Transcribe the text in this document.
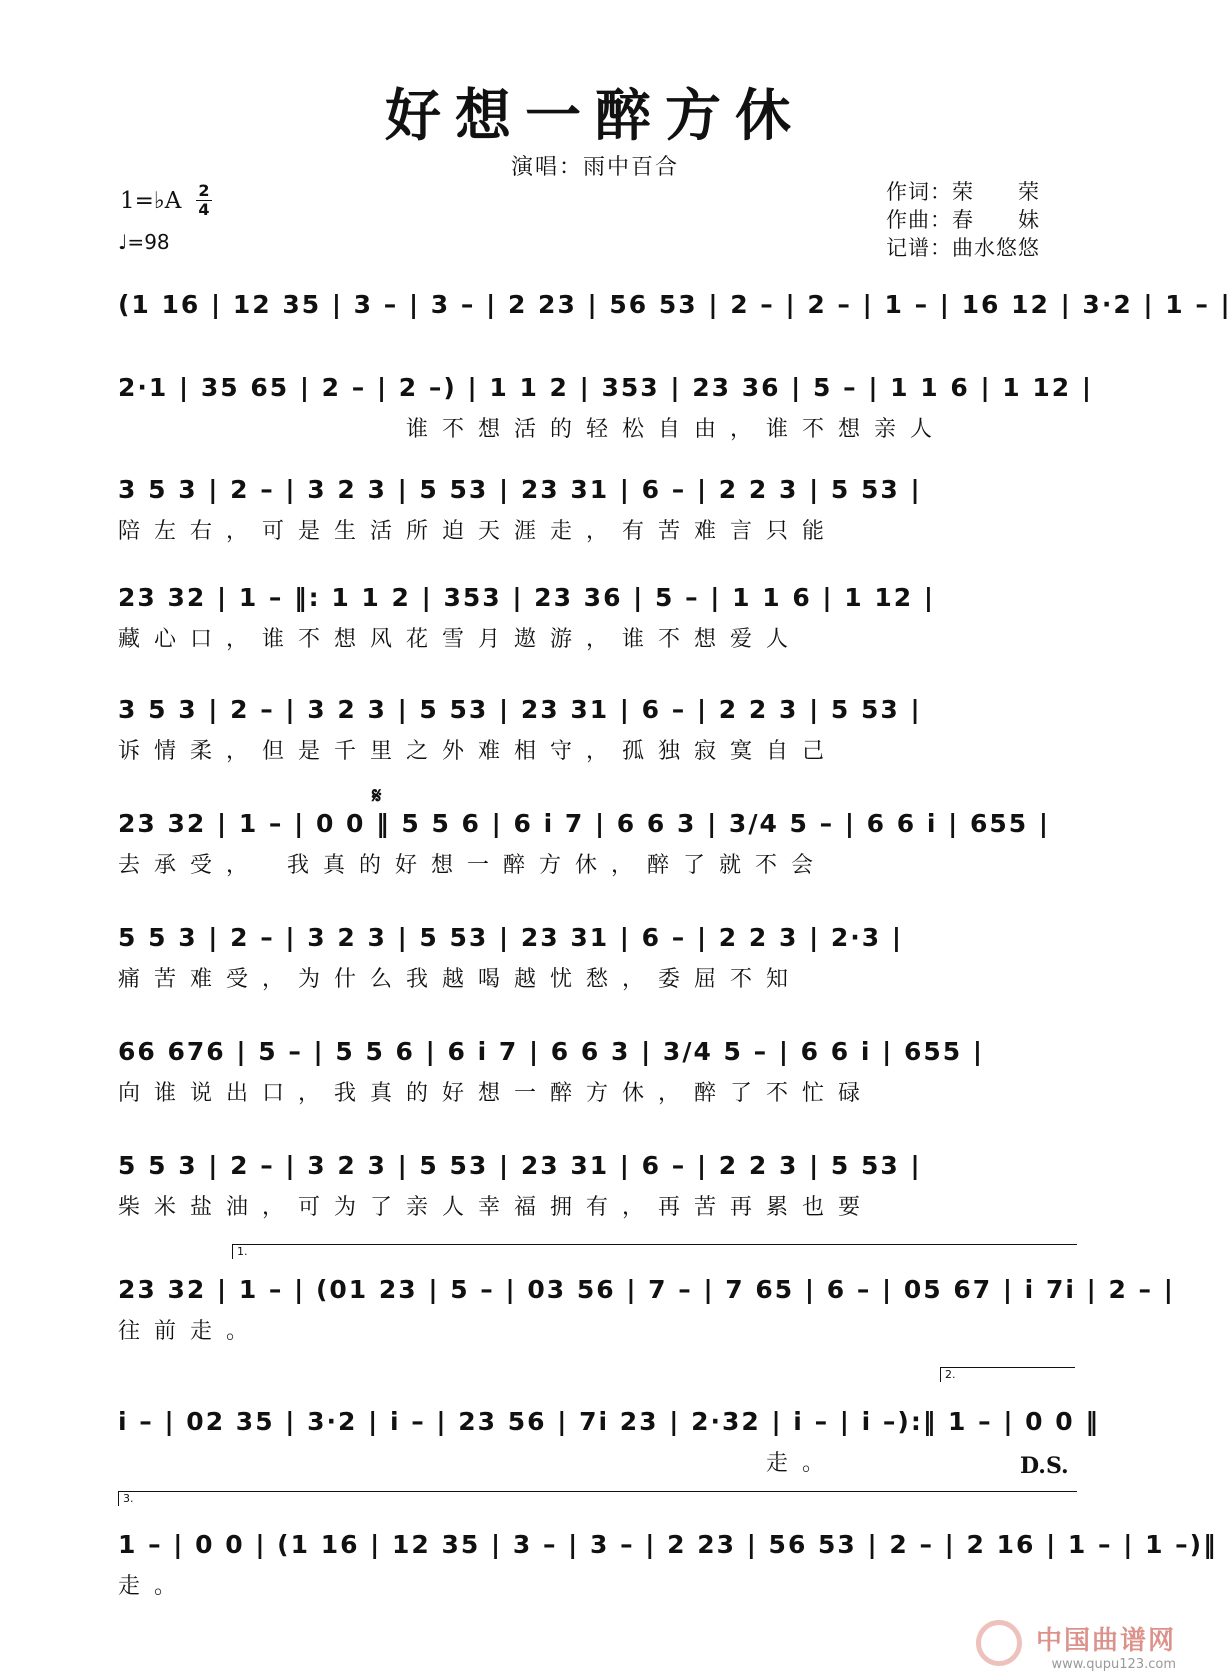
好想一醉方休
演唱：雨中百合
1=♭A 2
4
♩=98
作词：荣　　荣
作曲：春　　妹
记谱：曲水悠悠
(1 16 | 12 35 | 3 – | 3 – | 2 23 | 56 53 | 2 – | 2 – | 1 – | 16 12 | 3·2 | 1 – |
2·1 | 35 65 | 2 – | 2 –) | 1 1 2 | 353 | 23 36 | 5 – | 1 1 6 | 1 12 |
　　　　　　　　谁不想活的轻松自由，谁不想亲人
3 5 3 | 2 – | 3 2 3 | 5 53 | 23 31 | 6 – | 2 2 3 | 5 53 |
陪左右，可是生活所迫天涯走，有苦难言只能
23 32 | 1 – ‖: 1 1 2 | 353 | 23 36 | 5 – | 1 1 6 | 1 12 |
藏心口，谁不想风花雪月遨游，谁不想爱人
3 5 3 | 2 – | 3 2 3 | 5 53 | 23 31 | 6 – | 2 2 3 | 5 53 |
诉情柔，但是千里之外难相守，孤独寂寞自己
23 32 | 1 – | 0 0 ‖ 5 5 6 | 6 i 7 | 6 6 3 | 3/4 5 – | 6 6 i | 655 |
去承受，　我真的好想一醉方休，醉了就不会
5 5 3 | 2 – | 3 2 3 | 5 53 | 23 31 | 6 – | 2 2 3 | 2·3 |
痛苦难受，为什么我越喝越忧愁，委屈不知
66 676 | 5 – | 5 5 6 | 6 i 7 | 6 6 3 | 3/4 5 – | 6 6 i | 655 |
向谁说出口，我真的好想一醉方休，醉了不忙碌
5 5 3 | 2 – | 3 2 3 | 5 53 | 23 31 | 6 – | 2 2 3 | 5 53 |
柴米盐油，可为了亲人幸福拥有，再苦再累也要
23 32 | 1 – | (01 23 | 5 – | 03 56 | 7 – | 7 65 | 6 – | 05 67 | i 7i | 2 – |
往前走。
i – | 02 35 | 3·2 | i – | 23 56 | 7i 23 | 2·32 | i – | i –):‖ 1 – | 0 0 ‖
　　　　　　　　　　　　　　　　　　走。
1 – | 0 0 | (1 16 | 12 35 | 3 – | 3 – | 2 23 | 56 53 | 2 – | 2 16 | 1 – | 1 –)‖
走。
𝄋
1.
2.
3.
D.S.
中国曲谱网
www.qupu123.com
